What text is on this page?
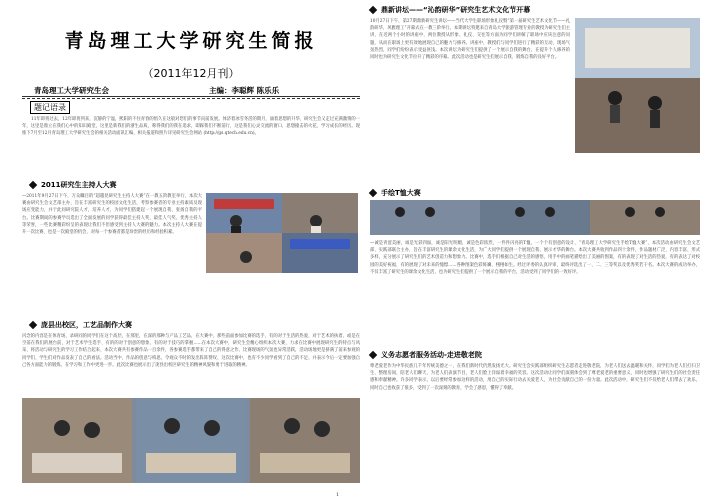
青岛理工大学研究生简报
（2011年12月刊）
青岛理工大学研究生会	主编：李聪辉 陈乐乐
题记语录
11年即将过去，12年即将到来，沉静的宁谧，熙阳的不住青春的悄久在这般对您们的事节向前发展。体济着冰雪冬活的期月，涌着思想的升华，研究生会又走过充满激情的一年，这里是鼎立在我们心中的知识殿堂，这里是新我们的浙生品质，称得我们的我在追求，即踩我们不断前行，这是我们心灵交流的窗口，思想撞击的火花，学习成长的经历。现推下7月至12月青岛理工大学研究生会的相关活动面讯汇编，相关报道和照片详见研究生会网站 (http://gs.qtech.edu.cn)。
2011研究生主持人大赛
—2011年9月27日下午，万众瞩目的“超越昆研究生主持人大赛”在一教五阶教室举行，本次大赛由研究生会文艺部主办，旨在丰富研究生的校园文化生活，考察参赛者的专业主持素质及现场应变能力，并于此同研究院人才，培养人才，为同学们搭建起一个展现自我、张扬自我的平台。比赛期间的参赛学员选出了全面发展的同学获得最佳主持人奖、最佳人气奖、优秀主持人等荣誉，一些比赛精彩纷呈的表现让我们不但感受到主持人大赛的魅力。本次主持人大赛在提升一次比赛、也是一次殿堂的机会，对每一个参赛者都是珍贵的经历和经验积累。
庞县出校区，工艺品制作大赛
闪念的内容是在体育场，录研同的同学们在这个高层，在那里，在深的那种与产品工艺品，在大赛中，那些前面参加比赛的选手，有的对于生活的热爱、对于艺术的执着，或是在空前在我们的展台前，对于艺术学生选手、有的的对于创意的想象，有的对于技巧的掌握......在本次大赛中，研究生会精心组织本次大赛，力求在比赛中展现研究生的特点与风采、将活动与研究生的学习工作结合起来、本次大赛共有参赛作品一百余件，各参赛选手都带来了自己的得意之作、比赛现场的气氛也异常活跃，活动场地更是挤满了前来参观的同学们、学生们对作品发表了自己的看法。活动当中，作品的创意与构思，令观众不时的发出阵阵赞叹、这次比赛中，也有不少同学看到了自己的不足、并表示今后一定要加强自己各方面能力的锻炼、在学习和工作中更进一步。此次比赛也展示出了庞县出校区研究生的精神风貌和勇于进取的精神。
鼎新讲坛——“沁韵研华”研究生艺术文化节开幕
10月27日下午，第27期鼎新研究生讲坛——当代大学生职场形象礼仪暨“第一届研究生艺术文化节——礼韵研华，风雅理工”开幕式在一教三阶举行。本期讲坛特邀来自青岛大学旅游管理专业的教授为研究生们主讲，在近两个小时的讲座中，两位教授从形象、礼仪、交往等方面为同学们讲解了职场中应该注意的问题，从而在职场上更有效地展现自己的魅力与修养。讲座中，教授们与同学们进行了精彩的互动，现场气氛热烈，同学们纷纷表示受益匪浅。本次讲坛为研究生们提供了一个展示自我的舞台，在提升个人修养的同时也为研究生文化节拉开了精彩的序幕。此次活动也是研究生们展示自我、锻炼自我的良好平台。
手绘T恤大赛
—诚是青涩美丽，诚是光彩四溢，诚是阳光明媚，诚是色彩浓烈，一件件闪亮的T恤，一个个有创意的设计，“青岛理工大学研究生手绘T恤大赛”，本次活动由研究生会文艺部、实践部联合主办，旨在丰富研究生的课余文化生活，为广大同学们提供一个展现自我、展示才华的舞台。本次大赛共收到作品四十余件，作品题材广泛、内容丰富、形式多样，充分展示了研究生们的艺术创造力和想象力。比赛中，选手们根据自己对生活的感悟，用手中的画笔描绘出了美丽的图案，有的表现了对生活的热爱，有的表达了对校园的美好祝福，有的展现了对未来的憧憬......各种图案色彩斑斓、栩栩如生。经过评委的认真评审，最终评选出了一、二、三等奖以及优秀奖若干名。本次大赛的成功举办，不仅丰富了研究生的课余文化生活，也为研究生们提供了一个展示自我的平台，活动受到了同学们的一致好评。
义务志愿者服务活动-走进敬老院
尊老爱老作为中华民族几千年传统美德之一，在我们新时代仍然发扬光大。研究生会实践部组织研究生志愿者走进敬老院，为老人们送去温暖和关怀，同学们为老人们打扫卫生、整理房间、陪老人们聊天、为老人们表演节目，老人们脸上洋溢着幸福的笑容。这次活动让同学们深刻体会到了尊老爱老的重要意义，同时也增强了研究生们的社会责任感和奉献精神。许多同学表示，以后要经常参加这样的活动，用自己的实际行动去关爱老人，为社会贡献自己的一份力量。此次活动中，研究生们不仅给老人们带去了欢乐，同时自己也收获了很多，受到了一次深刻的教育，学会了感恩，懂得了奉献。
1
